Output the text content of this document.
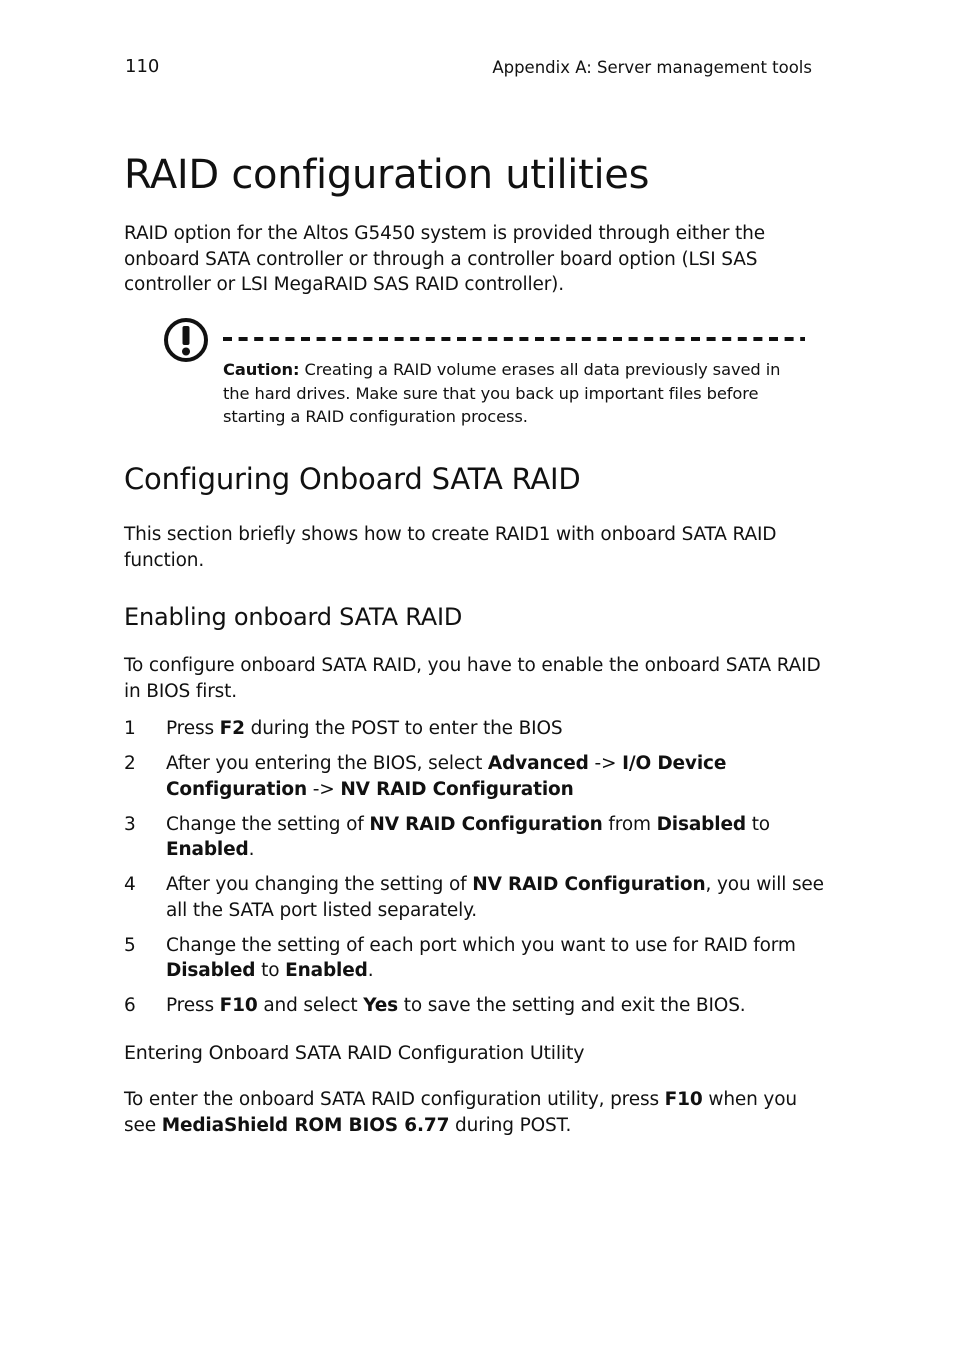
110	Appendix A: Server management tools
RAID configuration utilities

RAID option for the Altos G5450 system is provided through either the onboard SATA controller or through a controller board option (LSI SAS controller or LSI MegaRAID SAS RAID controller).

Caution: Creating a RAID volume erases all data previously saved in the hard drives. Make sure that you back up important files before starting a RAID configuration process.

Configuring Onboard SATA RAID

This section briefly shows how to create RAID1 with onboard SATA RAID function.

Enabling onboard SATA RAID

To configure onboard SATA RAID, you have to enable the onboard SATA RAID in BIOS first.

1	Press F2 during the POST to enter the BIOS
2	After you entering the BIOS, select Advanced -> I/O Device Configuration -> NV RAID Configuration
3	Change the setting of NV RAID Configuration from Disabled to Enabled.
4	After you changing the setting of NV RAID Configuration, you will see all the SATA port listed separately.
5	Change the setting of each port which you want to use for RAID form Disabled to Enabled.
6	Press F10 and select Yes to save the setting and exit the BIOS.
Entering Onboard SATA RAID Configuration Utility

To enter the onboard SATA RAID configuration utility, press F10 when you see MediaShield ROM BIOS 6.77 during POST.
